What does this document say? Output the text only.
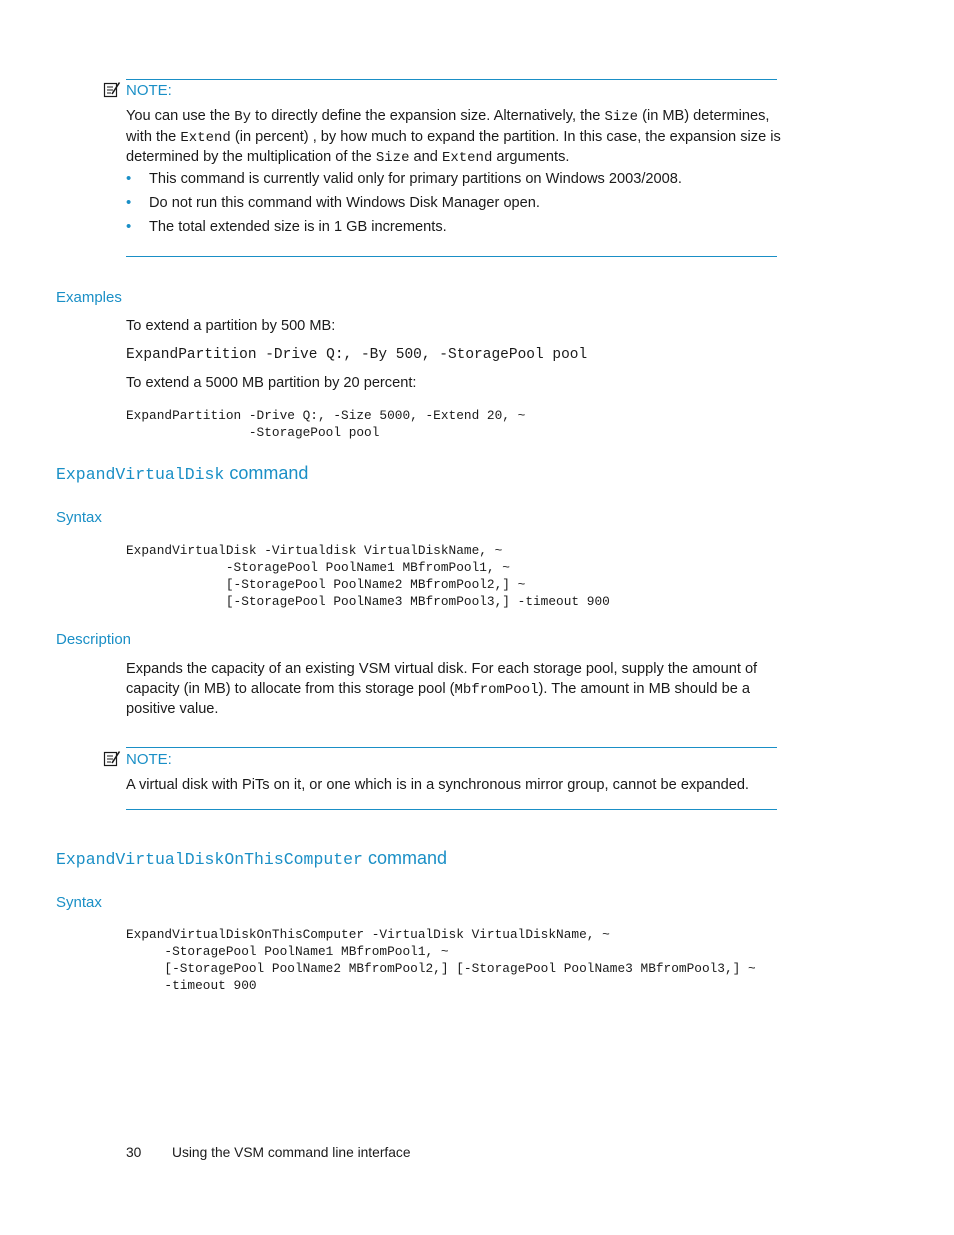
NOTE:

You can use the By to directly define the expansion size. Alternatively, the Size (in MB) determines, with the Extend (in percent) , by how much to expand the partition. In this case, the expansion size is determined by the multiplication of the Size and Extend arguments.

• This command is currently valid only for primary partitions on Windows 2003/2008.
• Do not run this command with Windows Disk Manager open.
• The total extended size is in 1 GB increments.
Examples

To extend a partition by 500 MB:

ExpandPartition -Drive Q:, -By 500, -StoragePool pool

To extend a 5000 MB partition by 20 percent:

ExpandPartition -Drive Q:, -Size 5000, -Extend 20, ~
-StoragePool pool
ExpandVirtualDisk command
Syntax
ExpandVirtualDisk -Virtualdisk VirtualDiskName, ~
-StoragePool PoolName1 MBfromPool1, ~
[-StoragePool PoolName2 MBfromPool2,] ~
[-StoragePool PoolName3 MBfromPool3,] -timeout 900
Description

Expands the capacity of an existing VSM virtual disk. For each storage pool, supply the amount of capacity (in MB) to allocate from this storage pool (MbfromPool). The amount in MB should be a positive value.

NOTE:

A virtual disk with PiTs on it, or one which is in a synchronous mirror group, cannot be expanded.

ExpandVirtualDiskOnThisComputer command
Syntax
ExpandVirtualDiskOnThisComputer -VirtualDisk VirtualDiskName, ~
-StoragePool PoolName1 MBfromPool1, ~
[-StoragePool PoolName2 MBfromPool2,] [-StoragePool PoolName3 MBfromPool3,] ~
-timeout 900
30 Using the VSM command line interface
